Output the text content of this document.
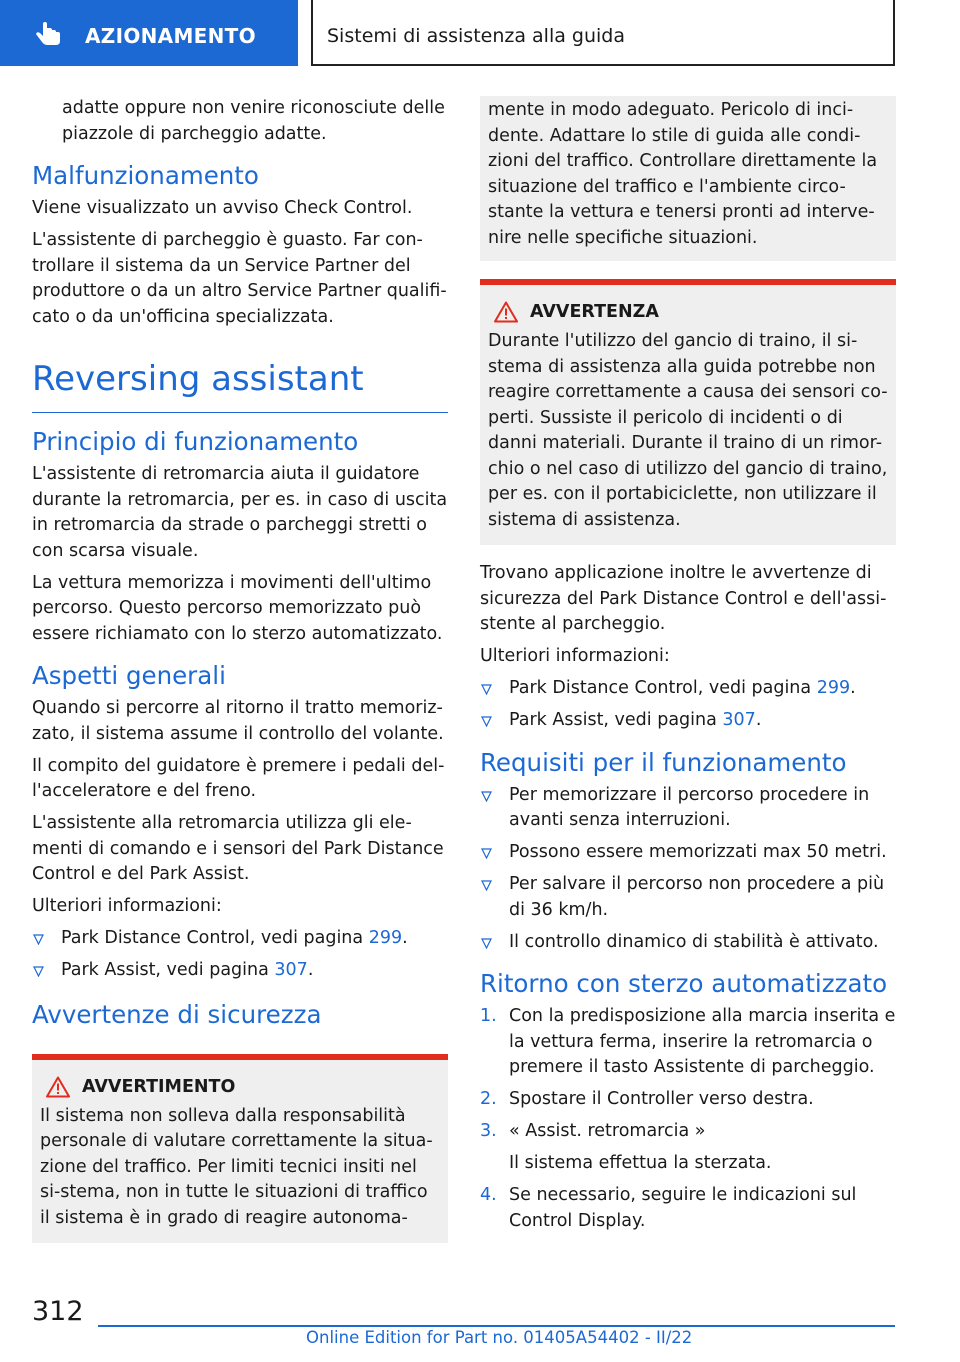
AZIONAMENTO	Sistemi di assistenza alla guida

adatte oppure non venire riconosciute delle piazzole di parcheggio adatte.

Malfunzionamento

Viene visualizzato un avviso Check Control.

L'assistente di parcheggio è guasto. Far con-trollare il sistema da un Service Partner del produttore o da un altro Service Partner qualifi-cato o da un'officina specializzata.

Reversing assistant
Principio di funzionamento

L'assistente di retromarcia aiuta il guidatore durante la retromarcia, per es. in caso di uscita in retromarcia da strade o parcheggi stretti o con scarsa visuale.

La vettura memorizza i movimenti dell'ultimo percorso. Questo percorso memorizzato può essere richiamato con lo sterzo automatizzato.

Aspetti generali

Quando si percorre al ritorno il tratto memoriz-zato, il sistema assume il controllo del volante.

Il compito del guidatore è premere i pedali del-l'acceleratore e del freno.

L'assistente alla retromarcia utilizza gli ele-menti di comando e i sensori del Park Distance Control e del Park Assist.

Ulteriori informazioni:

Park Distance Control, vedi pagina 299.
Park Assist, vedi pagina 307.
Avvertenze di sicurezza
AVVERTIMENTO

Il sistema non solleva dalla responsabilità personale di valutare correttamente la situa-zione del traffico. Per limiti tecnici insiti nel si-stema, non in tutte le situazioni di traffico il sistema è in grado di reagire autonoma-

mente in modo adeguato. Pericolo di inci-dente. Adattare lo stile di guida alle condi-zioni del traffico. Controllare direttamente la situazione del traffico e l'ambiente circo-stante la vettura e tenersi pronti ad interve-nire nelle specifiche situazioni.

AVVERTENZA

Durante l'utilizzo del gancio di traino, il si-stema di assistenza alla guida potrebbe non reagire correttamente a causa dei sensori co-perti. Sussiste il pericolo di incidenti o di danni materiali. Durante il traino di un rimor-chio o nel caso di utilizzo del gancio di traino, per es. con il portabiciclette, non utilizzare il sistema di assistenza.

Trovano applicazione inoltre le avvertenze di sicurezza del Park Distance Control e dell'assi-stente al parcheggio.

Ulteriori informazioni:

Park Distance Control, vedi pagina 299.
Park Assist, vedi pagina 307.
Requisiti per il funzionamento
Per memorizzare il percorso procedere in avanti senza interruzioni.
Possono essere memorizzati max 50 metri.
Per salvare il percorso non procedere a più di 36 km/h.
Il controllo dinamico di stabilità è attivato.
Ritorno con sterzo automatizzato
1. Con la predisposizione alla marcia inserita e la vettura ferma, inserire la retromarcia o premere il tasto Assistente di parcheggio.
2. Spostare il Controller verso destra.
3. « Assist. retromarcia »
Il sistema effettua la sterzata.
4. Se necessario, seguire le indicazioni sul Control Display.
312
Online Edition for Part no. 01405A54402 - II/22
